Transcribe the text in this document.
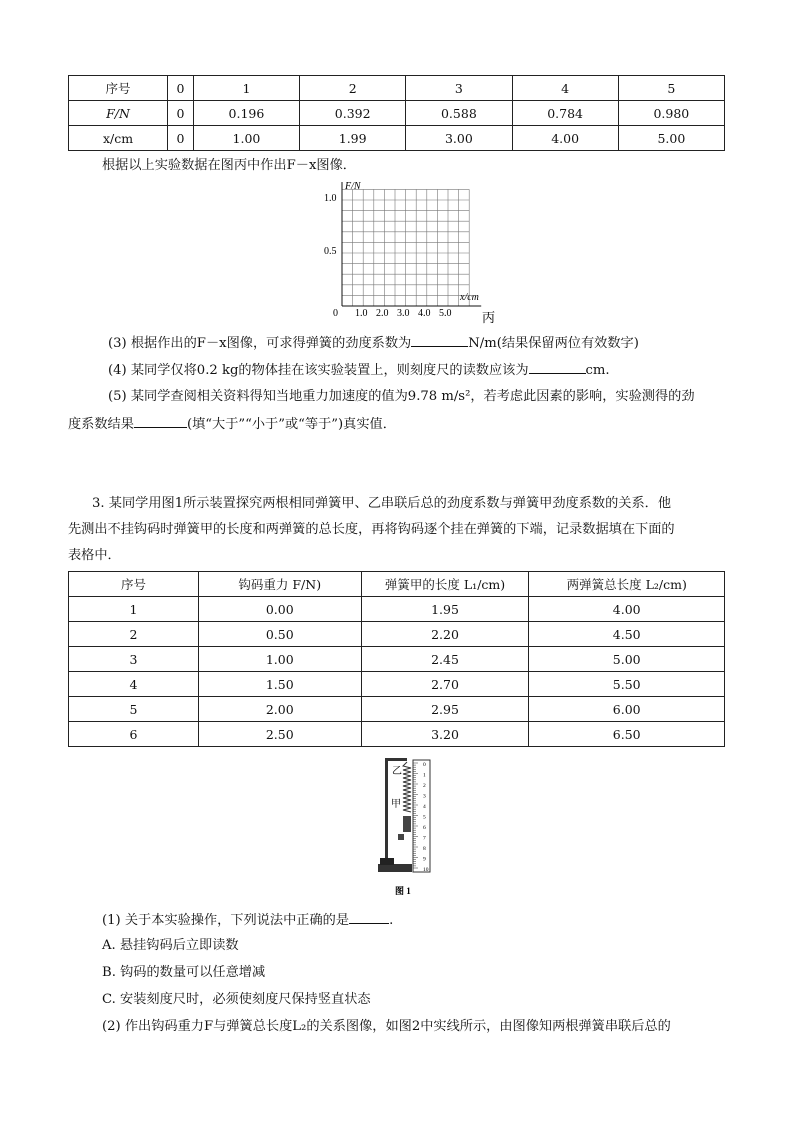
序号	0	1	2	3	4	5
F/N	0	0.196	0.392	0.588	0.784	0.980
x/cm	0	1.00	1.99	3.00	4.00	5.00
根据以上实验数据在图丙中作出F－x图像．
F/N
1.0
0.5
0
x/cm
1.0 2.0 3.0 4.0 5.0 丙
(3) 根据作出的F－x图像，可求得弹簧的劲度系数为	N/m(结果保留两位有效数字)
(4) 某同学仅将0.2 kg的物体挂在该实验装置上，则刻度尺的读数应该为	cm.
(5) 某同学查阅相关资料得知当地重力加速度的值为9.78 m/s²，若考虑此因素的影响，实验测得的劲
度系数结果	(填“大于”“小于”或“等于”)真实值．
3. 某同学用图1所示装置探究两根相同弹簧甲、乙串联后总的劲度系数与弹簧甲劲度系数的关系．他
先测出不挂钩码时弹簧甲的长度和两弹簧的总长度，再将钩码逐个挂在弹簧的下端，记录数据填在下面的
表格中．
序号	钩码重力 F/N)	弹簧甲的长度 L₁/cm)	两弹簧总长度 L₂/cm)
1	0.00	1.95	4.00
2	0.50	2.20	4.50
3	1.00	2.45	5.00
4	1.50	2.70	5.50
5	2.00	2.95	6.00
6	2.50	3.20	6.50
0
1
2
3
4
5
6
7
8
9
10
乙
甲
图 1
(1) 关于本实验操作，下列说法中正确的是	.
A. 悬挂钩码后立即读数
B. 钩码的数量可以任意增减
C. 安装刻度尺时，必须使刻度尺保持竖直状态
(2) 作出钩码重力F与弹簧总长度L₂的关系图像，如图2中实线所示，由图像知两根弹簧串联后总的
